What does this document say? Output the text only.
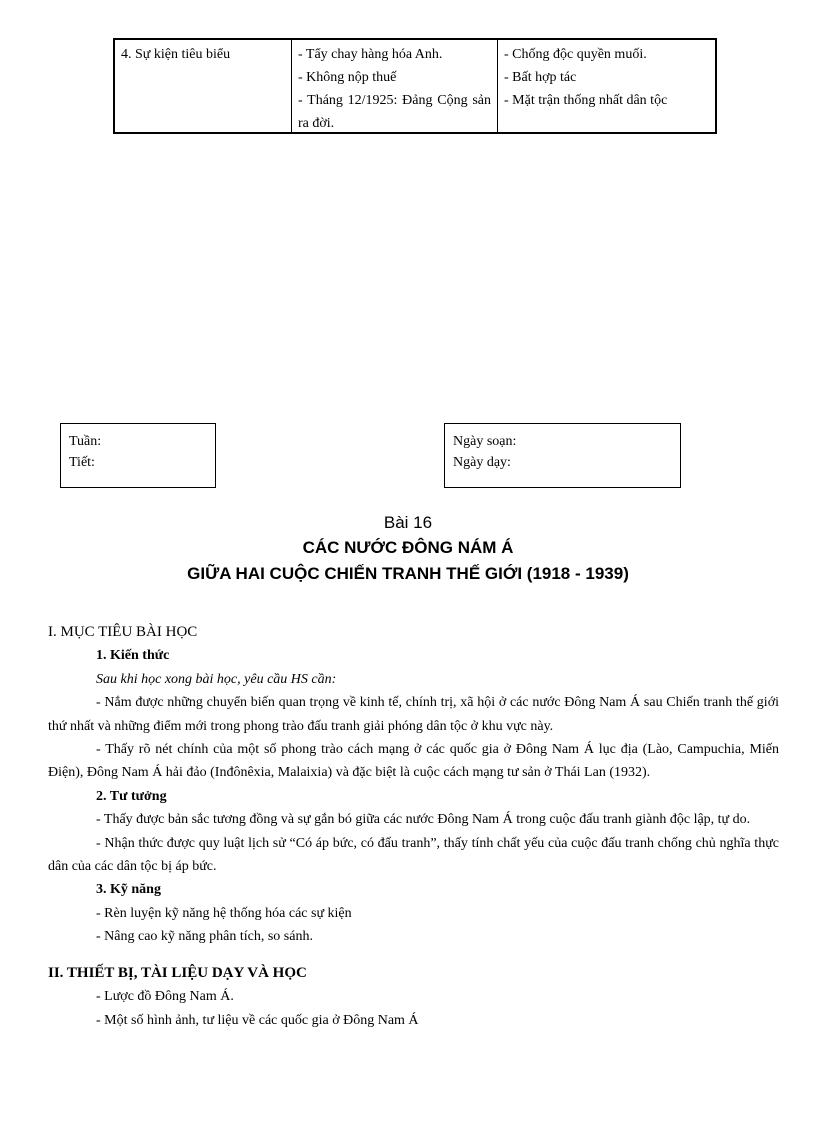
4. Sự kiện tiêu biểu	- Tẩy chay hàng hóa Anh.
- Không nộp thuế
- Tháng 12/1925: Đảng Cộng sản ra đời.
- Chống độc quyền muối.
- Bất hợp tác
- Mặt trận thống nhất dân tộc
Tuần:
Tiết:
Ngày soạn:
Ngày dạy:
Bài 16
CÁC NƯỚC ĐÔNG NÁM Á
GIỮA HAI CUỘC CHIẾN TRANH THẾ GIỚI (1918 - 1939)
I. MỤC TIÊU BÀI HỌC
1. Kiến thức
Sau khi học xong bài học, yêu cầu HS cần:
- Nắm được những chuyển biến quan trọng về kinh tế, chính trị, xã hội ở các nước Đông Nam Á sau Chiến tranh thế giới thứ nhất và những điểm mới trong phong trào đấu tranh giải phóng dân tộc ở khu vực này.
- Thấy rõ nét chính của một số phong trào cách mạng ở các quốc gia ở Đông Nam Á lục địa (Lào, Campuchia, Miến Điện), Đông Nam Á hải đảo (Inđônêxia, Malaixia) và đặc biệt là cuộc cách mạng tư sản ở Thái Lan (1932).
2. Tư tưởng
- Thấy được bản sắc tương đồng và sự gắn bó giữa các nước Đông Nam Á trong cuộc đấu tranh giành độc lập, tự do.
- Nhận thức được quy luật lịch sử “Có áp bức, có đấu tranh”, thấy tính chất yếu của cuộc đấu tranh chống chủ nghĩa thực dân của các dân tộc bị áp bức.
3. Kỹ năng
- Rèn luyện kỹ năng hệ thống hóa các sự kiện
- Nâng cao kỹ năng phân tích, so sánh.
II. THIẾT BỊ, TÀI LIỆU DẠY VÀ HỌC
- Lược đồ Đông Nam Á.
- Một số hình ảnh, tư liệu về các quốc gia ở Đông Nam Á
